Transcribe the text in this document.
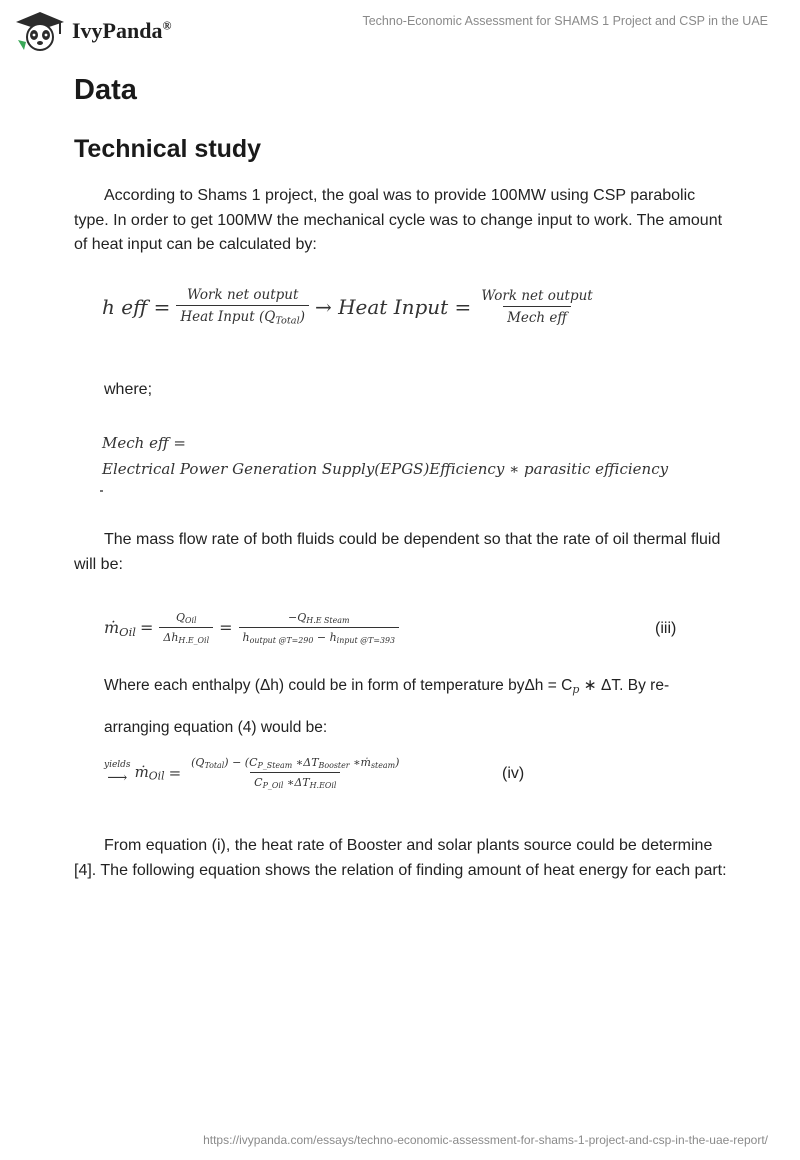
IvyPanda®	Techno-Economic Assessment for SHAMS 1 Project and CSP in the UAE
Data
Technical study

According to Shams 1 project, the goal was to provide 100MW using CSP parabolic type. In order to get 100MW the mechanical cycle was to change input to work. The amount of heat input can be calculated by:

h eff = $\frac{\text{Work net output}}{Heat Input (Q_{Total})}$ → Heat Input = $\frac{\text{Work net output}}{\text{Mech eff}}$
where;
Mech eff =
Electrical Power Generation Supply(EPGS)Efficiency ∗ parasitic efficiency

The mass flow rate of both fluids could be dependent so that the rate of oil thermal fluid will be:

ṁ$_{Oil}$ = $\frac{Q_{Oil}}{\Delta h_{H.E\_Oil}} = \frac{-Q_{H.E Steam}}{h_{output @T=290} - h_{input @T=393}}$	(iii)
Where each enthalpy (Δh) could be in form of temperature $by\Delta h = C_p$ ∗ ΔT. By re-
arranging equation (4) would be:
yields
⟶ ṁ$_{Oil}$ = $\frac{(Q_{Total}) - (C_{P\_Steam} ∗\Delta T_{Booster} ∗ṁ_{steam})}{C_{P\_Oil} ∗\Delta T_{H.EOil}}$	(iv)

From equation (i), the heat rate of Booster and solar plants source could be determine [4]. The following equation shows the relation of finding amount of heat energy for each part:

https://ivypanda.com/essays/techno-economic-assessment-for-shams-1-project-and-csp-in-the-uae-report/
